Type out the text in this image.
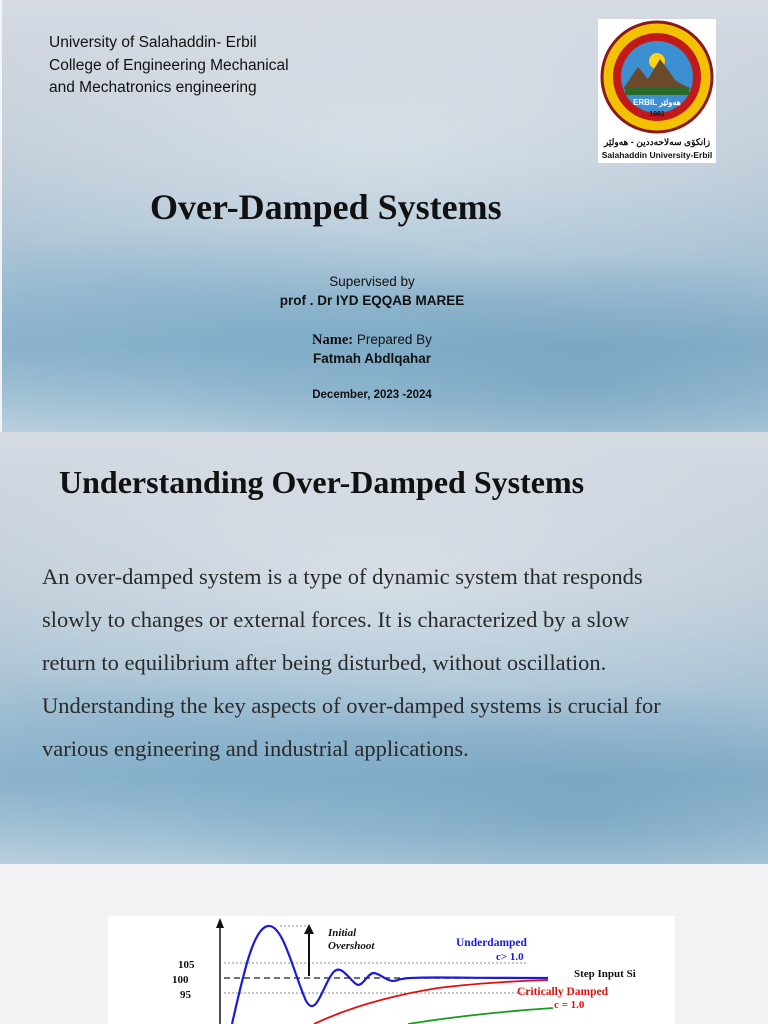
University of Salahaddin- Erbil
College of Engineering Mechanical
and Mechatronics engineering
ERBIL هەولێر
1981
زانكۆی سەلاحەددین - هەولێر
Salahaddin University-Erbil
Over-Damped Systems
Supervised by
prof . Dr IYD EQQAB MAREE
Name: Prepared By
Fatmah Abdlqahar
December, 2023 -2024
Understanding Over-Damped Systems
An over-damped system is a type of dynamic system that responds
slowly to changes or external forces. It is characterized by a slow
return to equilibrium after being disturbed, without oscillation.
Understanding the key aspects of over-damped systems is crucial for
various engineering and industrial applications.
105
100
95
Initial
Overshoot
Step Input Si
Underdamped
c> 1.0
Critically Damped
c = 1.0
